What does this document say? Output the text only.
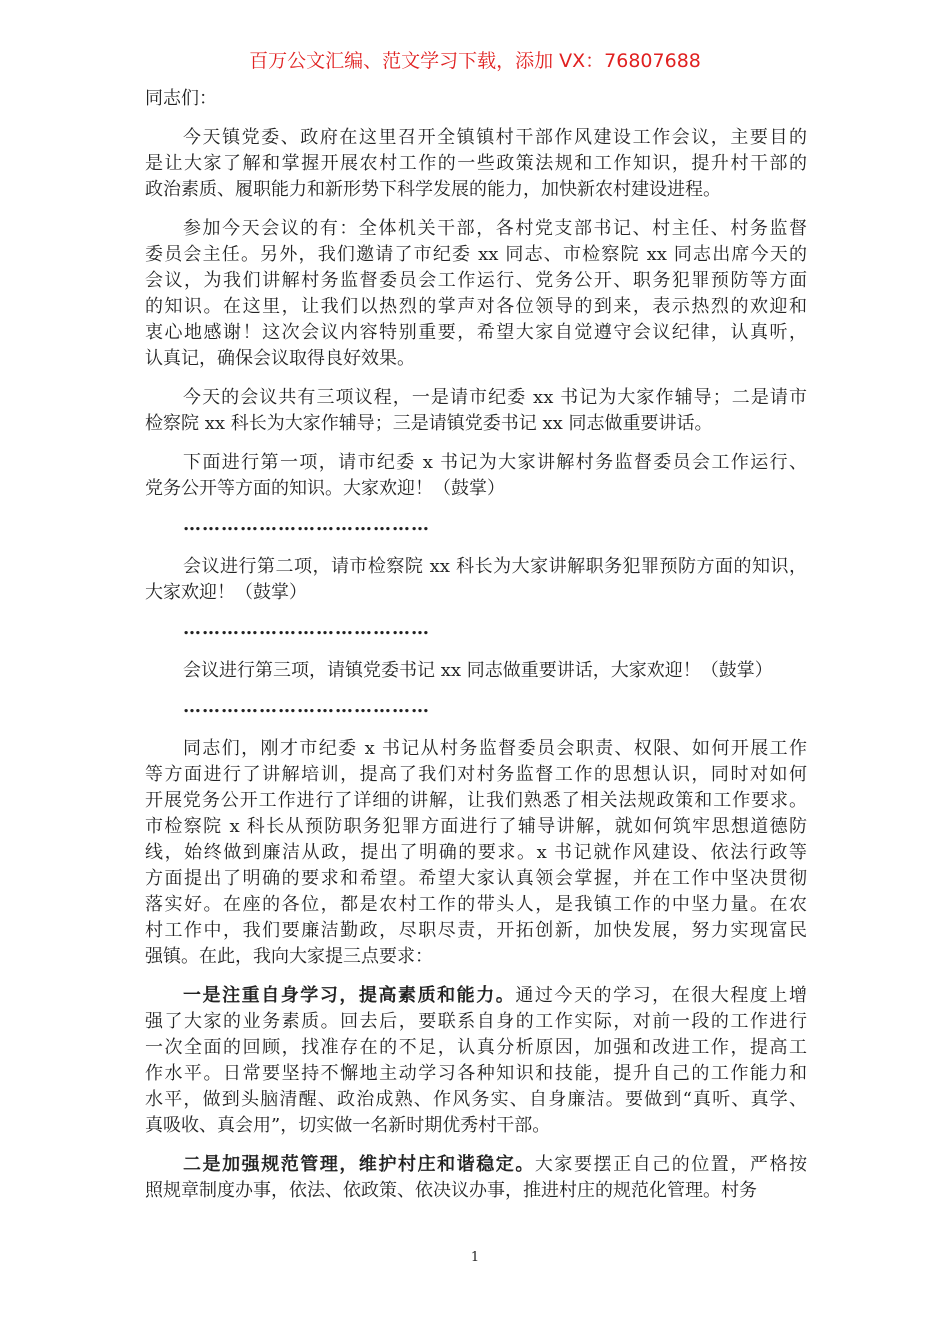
百万公文汇编、范文学习下载，添加 VX：76807688
同志们：
今天镇党委、政府在这里召开全镇镇村干部作风建设工作会议，主要目的
是让大家了解和掌握开展农村工作的一些政策法规和工作知识，提升村干部的
政治素质、履职能力和新形势下科学发展的能力，加快新农村建设进程。
参加今天会议的有：全体机关干部，各村党支部书记、村主任、村务监督
委员会主任。另外，我们邀请了市纪委 xx 同志、市检察院 xx 同志出席今天的
会议，为我们讲解村务监督委员会工作运行、党务公开、职务犯罪预防等方面
的知识。在这里，让我们以热烈的掌声对各位领导的到来，表示热烈的欢迎和
衷心地感谢！这次会议内容特别重要，希望大家自觉遵守会议纪律，认真听，
认真记，确保会议取得良好效果。
今天的会议共有三项议程，一是请市纪委 xx 书记为大家作辅导；二是请市
检察院 xx 科长为大家作辅导；三是请镇党委书记 xx 同志做重要讲话。
下面进行第一项，请市纪委 x 书记为大家讲解村务监督委员会工作运行、
党务公开等方面的知识。大家欢迎！（鼓掌）
…………………………………
会议进行第二项，请市检察院 xx 科长为大家讲解职务犯罪预防方面的知识，
大家欢迎！（鼓掌）
…………………………………
会议进行第三项，请镇党委书记 xx 同志做重要讲话，大家欢迎！（鼓掌）
…………………………………
同志们，刚才市纪委 x 书记从村务监督委员会职责、权限、如何开展工作
等方面进行了讲解培训，提高了我们对村务监督工作的思想认识，同时对如何
开展党务公开工作进行了详细的讲解，让我们熟悉了相关法规政策和工作要求。
市检察院 x 科长从预防职务犯罪方面进行了辅导讲解，就如何筑牢思想道德防
线，始终做到廉洁从政，提出了明确的要求。x 书记就作风建设、依法行政等
方面提出了明确的要求和希望。希望大家认真领会掌握，并在工作中坚决贯彻
落实好。在座的各位，都是农村工作的带头人，是我镇工作的中坚力量。在农
村工作中，我们要廉洁勤政，尽职尽责，开拓创新，加快发展，努力实现富民
强镇。在此，我向大家提三点要求：
一是注重自身学习，提高素质和能力。通过今天的学习，在很大程度上增
强了大家的业务素质。回去后，要联系自身的工作实际，对前一段的工作进行
一次全面的回顾，找准存在的不足，认真分析原因，加强和改进工作，提高工
作水平。日常要坚持不懈地主动学习各种知识和技能，提升自己的工作能力和
水平，做到头脑清醒、政治成熟、作风务实、自身廉洁。要做到“真听、真学、
真吸收、真会用”，切实做一名新时期优秀村干部。
二是加强规范管理，维护村庄和谐稳定。大家要摆正自己的位置，严格按
照规章制度办事，依法、依政策、依决议办事，推进村庄的规范化管理。村务
1
